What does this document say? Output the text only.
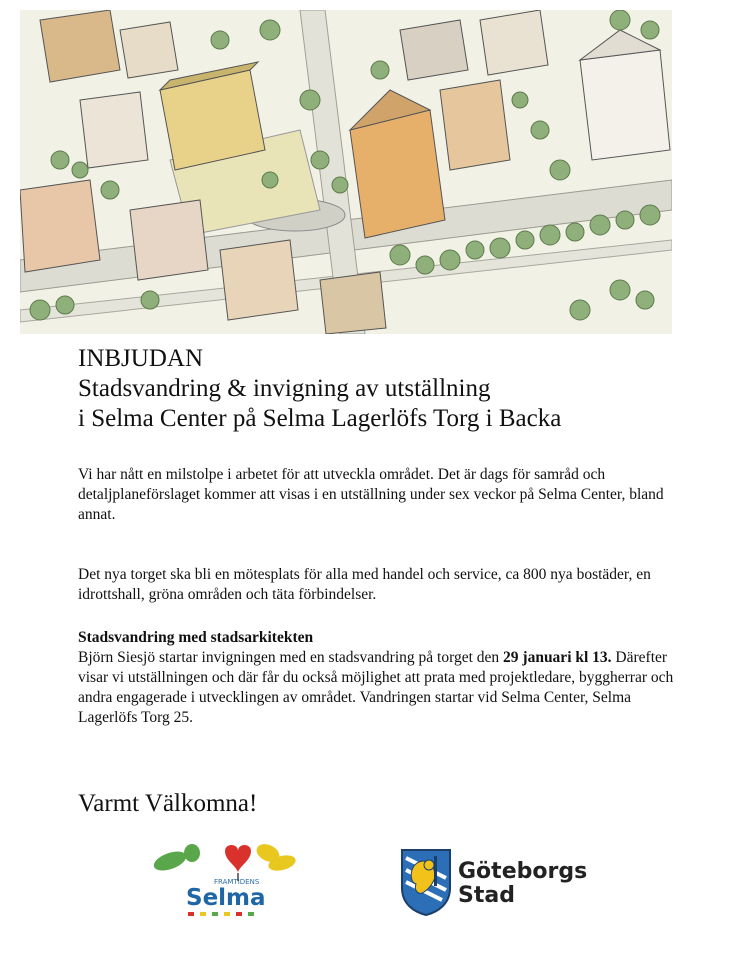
INBJUDAN
Stadsvandring & invigning av utställning
i Selma Center på Selma Lagerlöfs Torg i Backa

Vi har nått en milstolpe i arbetet för att utveckla området. Det är dags för samråd och detaljplaneförslaget kommer att visas i en utställning under sex veckor på Selma Center, bland annat.

Det nya torget ska bli en mötesplats för alla med handel och service, ca 800 nya bostäder, en idrottshall, gröna områden och täta förbindelser.

Stadsvandring med stadsarkitekten
Björn Siesjö startar invigningen med en stadsvandring på torget den 29 januari kl 13. Därefter visar vi utställningen och där får du också möjlighet att prata med projektledare, byggherrar och andra engagerade i utvecklingen av området. Vandringen startar vid Selma Center, Selma Lagerlöfs Torg 25.

Varmt Välkomna!
FRAMTIDENS
Selma
Göteborgs
Stad
